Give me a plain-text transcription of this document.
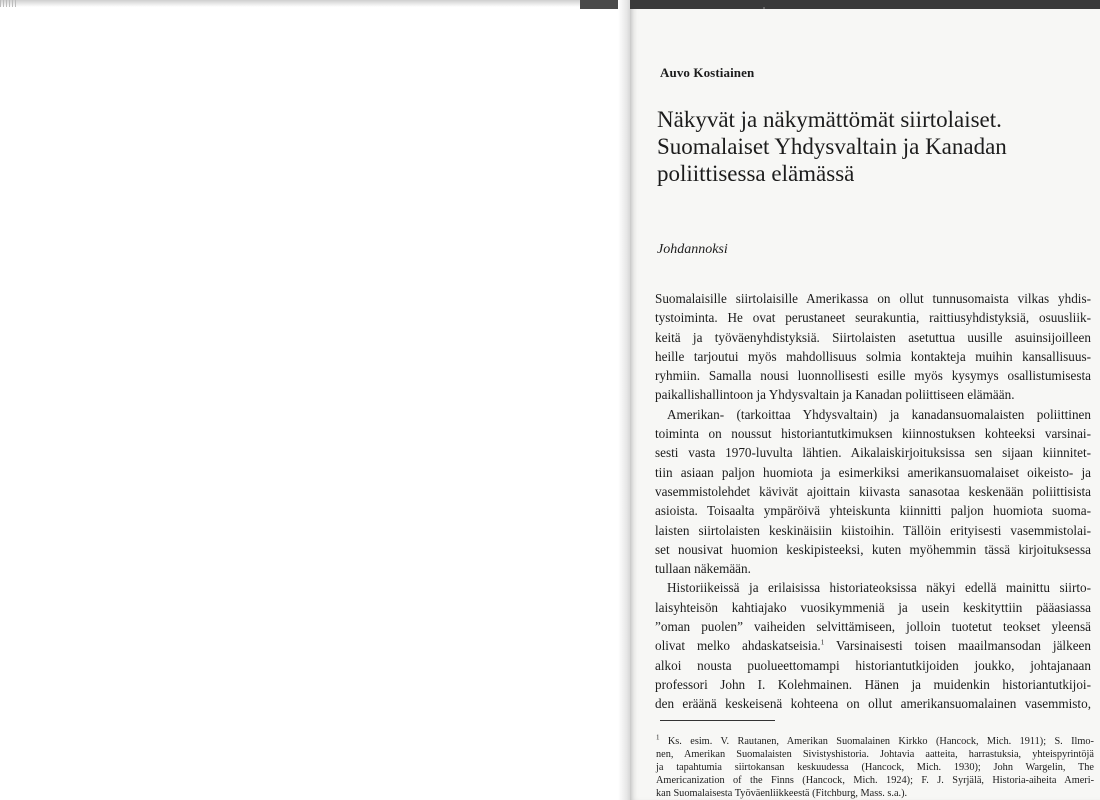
Auvo Kostiainen
Näkyvät ja näkymättömät siirtolaiset.
Suomalaiset Yhdysvaltain ja Kanadan
poliittisessa elämässä
Johdannoksi
Suomalaisille siirtolaisille Amerikassa on ollut tunnusomaista vilkas yhdis-
tystoiminta. He ovat perustaneet seurakuntia, raittiusyhdistyksiä, osuusliik-
keitä ja työväenyhdistyksiä. Siirtolaisten asetuttua uusille asuinsijoilleen
heille tarjoutui myös mahdollisuus solmia kontakteja muihin kansallisuus-
ryhmiin. Samalla nousi luonnollisesti esille myös kysymys osallistumisesta
paikallishallintoon ja Yhdysvaltain ja Kanadan poliittiseen elämään.
Amerikan- (tarkoittaa Yhdysvaltain) ja kanadansuomalaisten poliittinen
toiminta on noussut historiantutkimuksen kiinnostuksen kohteeksi varsinai-
sesti vasta 1970-luvulta lähtien. Aikalaiskirjoituksissa sen sijaan kiinnitet-
tiin asiaan paljon huomiota ja esimerkiksi amerikansuomalaiset oikeisto- ja
vasemmistolehdet kävivät ajoittain kiivasta sanasotaa keskenään poliittisista
asioista. Toisaalta ympäröivä yhteiskunta kiinnitti paljon huomiota suoma-
laisten siirtolaisten keskinäisiin kiistoihin. Tällöin erityisesti vasemmistolai-
set nousivat huomion keskipisteeksi, kuten myöhemmin tässä kirjoituksessa
tullaan näkemään.
Historiikeissä ja erilaisissa historiateoksissa näkyi edellä mainittu siirto-
laisyhteisön kahtiajako vuosikymmeniä ja usein keskityttiin pääasiassa
”oman puolen” vaiheiden selvittämiseen, jolloin tuotetut teokset yleensä
olivat melko ahdaskatseisia.$^1$ Varsinaisesti toisen maailmansodan jälkeen
alkoi nousta puolueettomampi historiantutkijoiden joukko, johtajanaan
professori John I. Kolehmainen. Hänen ja muidenkin historiantutkijoi-
den eräänä keskeisenä kohteena on ollut amerikansuomalainen vasemmisto,
$^1$ Ks. esim. V. Rautanen, Amerikan Suomalainen Kirkko (Hancock, Mich. 1911); S. Ilmo-
nen, Amerikan Suomalaisten Sivistyshistoria. Johtavia aatteita, harrastuksia, yhteispyrintöjä
ja tapahtumia siirtokansan keskuudessa (Hancock, Mich. 1930); John Wargelin, The
Americanization of the Finns (Hancock, Mich. 1924); F. J. Syrjälä, Historia-aiheita Ameri-
kan Suomalaisesta Työväenliikkeestä (Fitchburg, Mass. s.a.).
